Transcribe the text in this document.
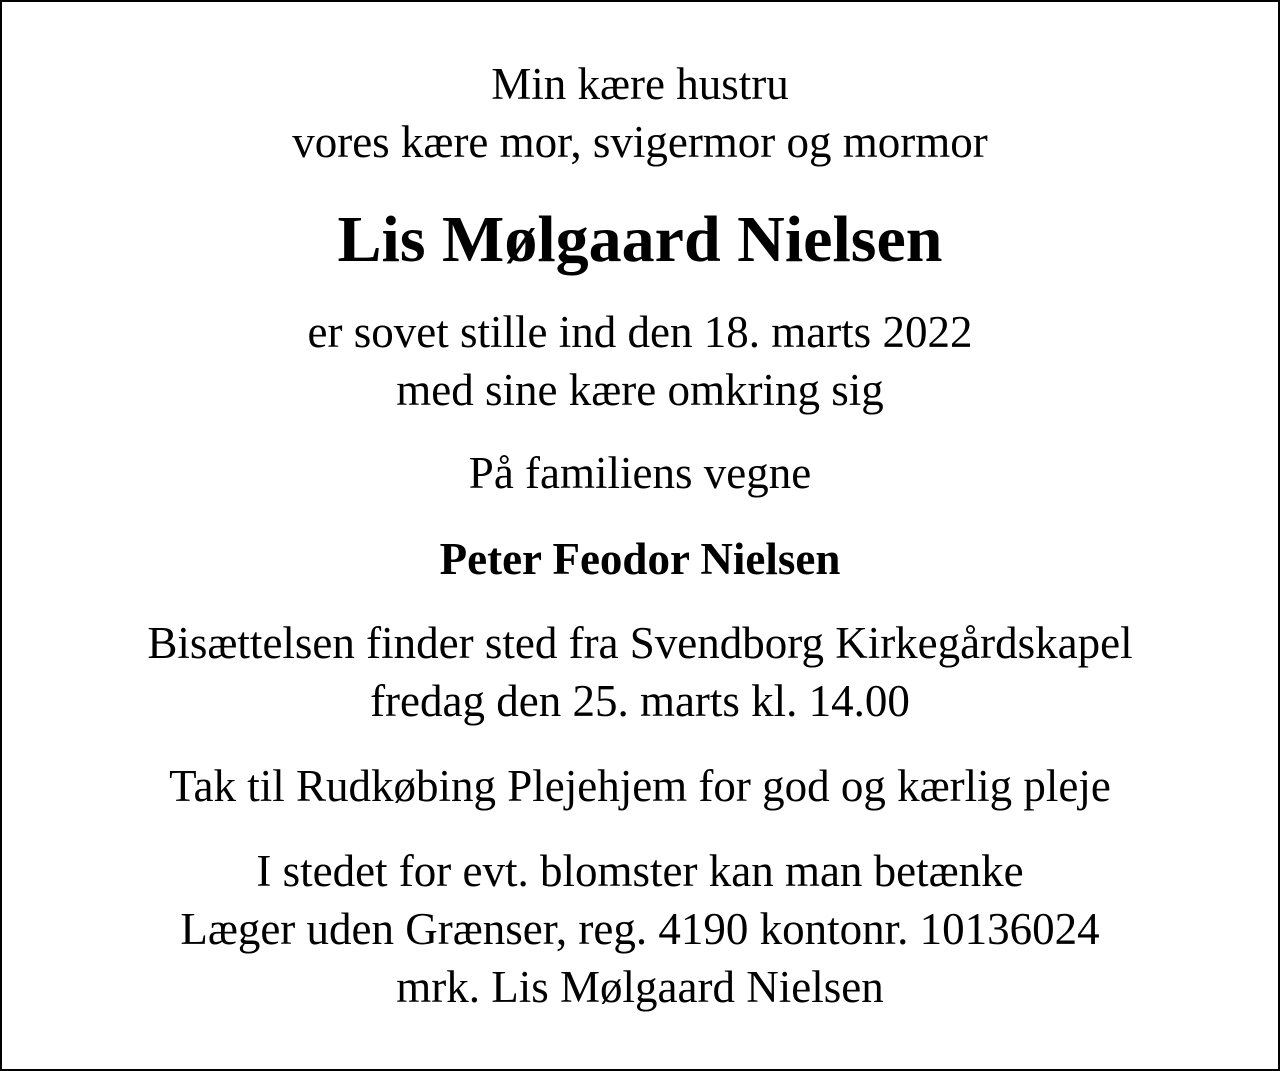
Min kære hustru
vores kære mor, svigermor og mormor
Lis Mølgaard Nielsen
er sovet stille ind den 18. marts 2022
med sine kære omkring sig
På familiens vegne
Peter Feodor Nielsen
Bisættelsen finder sted fra Svendborg Kirkegårdskapel
fredag den 25. marts kl. 14.00
Tak til Rudkøbing Plejehjem for god og kærlig pleje
I stedet for evt. blomster kan man betænke
Læger uden Grænser, reg. 4190 kontonr. 10136024
mrk. Lis Mølgaard Nielsen
